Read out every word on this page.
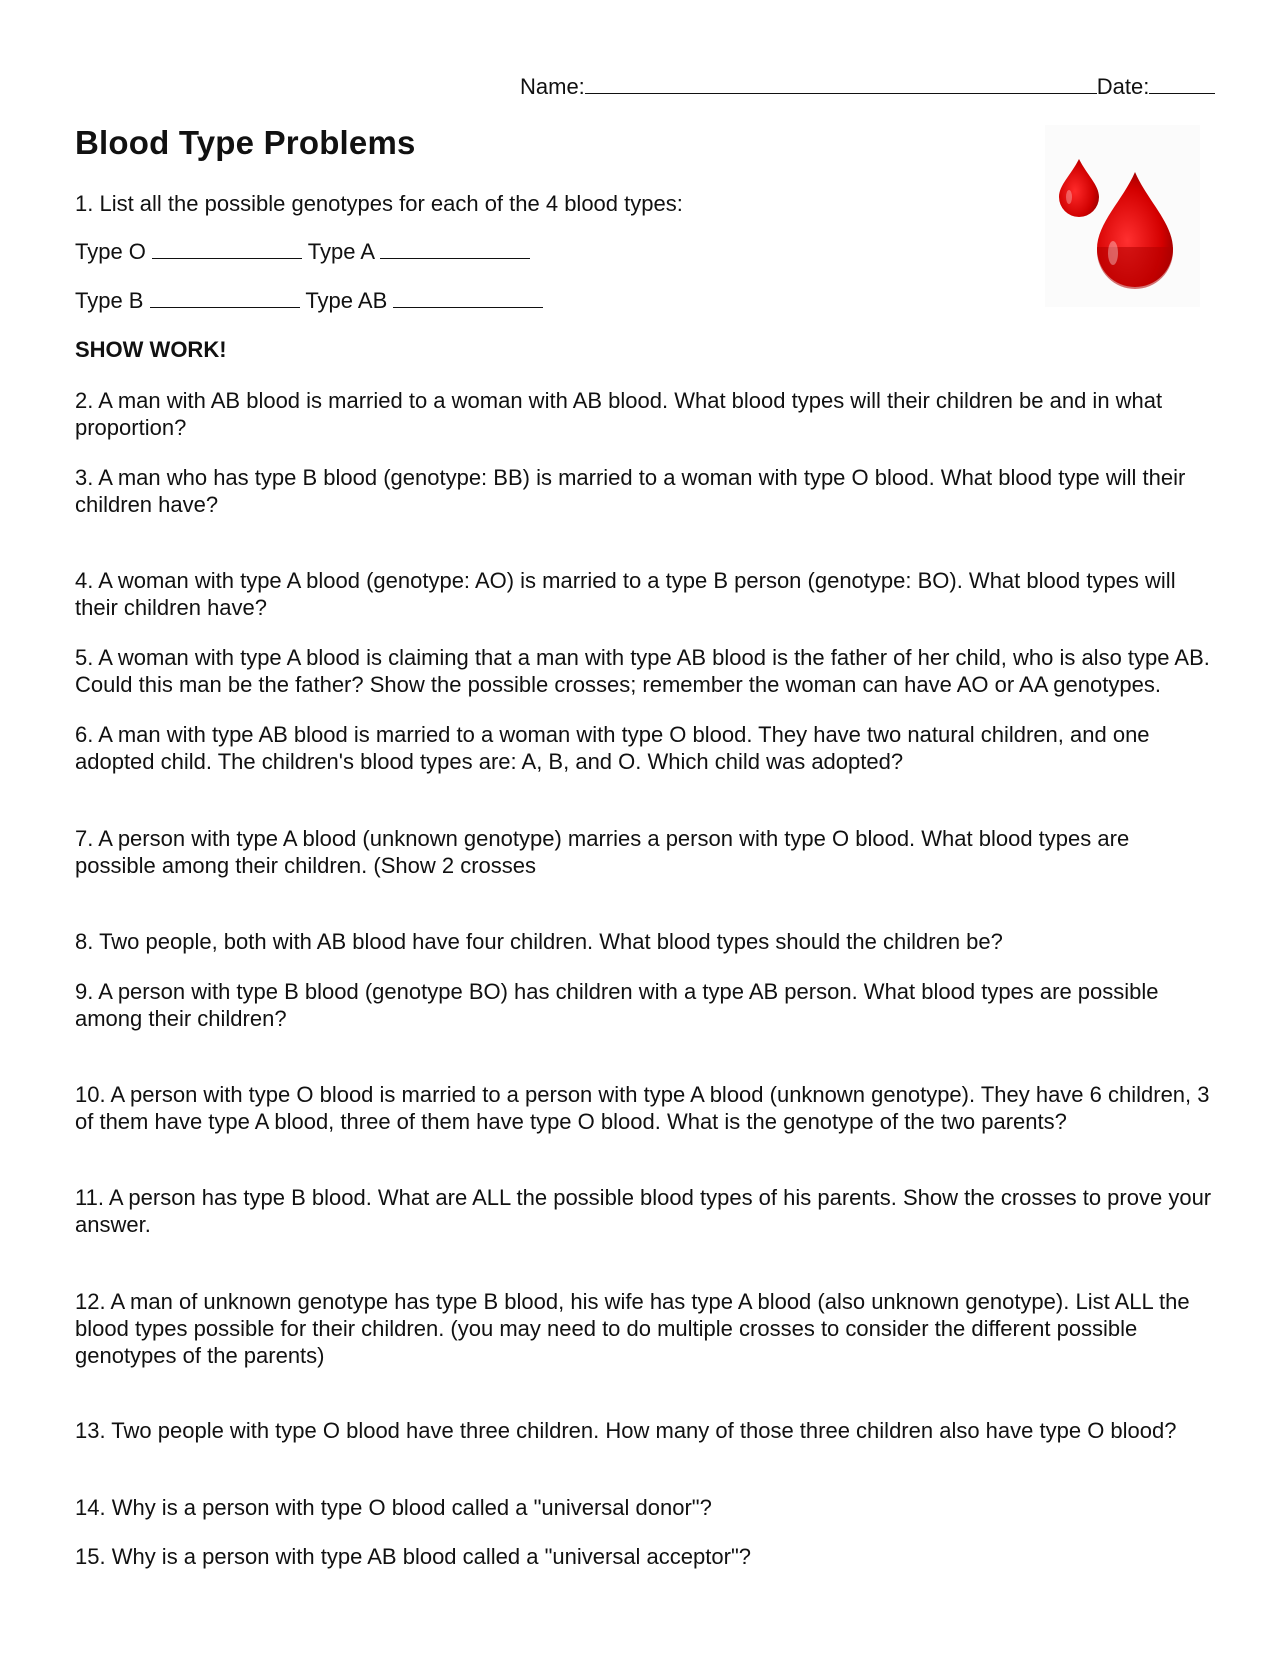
Name:	Date:
Blood Type Problems
1. List all the possible genotypes for each of the 4 blood types:
Type O	Type A
Type B	Type AB
SHOW WORK!
2. A man with AB blood is married to a woman with AB blood. What blood types will their children be and in what proportion?
3. A man who has type B blood (genotype: BB) is married to a woman with type O blood. What blood type will their children have?
4. A woman with type A blood (genotype: AO) is married to a type B person (genotype: BO). What blood types will their children have?
5. A woman with type A blood is claiming that a man with type AB blood is the father of her child, who is also type AB. Could this man be the father? Show the possible crosses; remember the woman can have AO or AA genotypes.
6. A man with type AB blood is married to a woman with type O blood. They have two natural children, and one adopted child. The children's blood types are: A, B, and O. Which child was adopted?
7. A person with type A blood (unknown genotype) marries a person with type O blood. What blood types are possible among their children. (Show 2 crosses
8. Two people, both with AB blood have four children. What blood types should the children be?
9. A person with type B blood (genotype BO) has children with a type AB person. What blood types are possible among their children?
10. A person with type O blood is married to a person with type A blood (unknown genotype). They have 6 children, 3 of them have type A blood, three of them have type O blood. What is the genotype of the two parents?
11. A person has type B blood. What are ALL the possible blood types of his parents. Show the crosses to prove your answer.
12. A man of unknown genotype has type B blood, his wife has type A blood (also unknown genotype). List ALL the blood types possible for their children. (you may need to do multiple crosses to consider the different possible genotypes of the parents)
13. Two people with type O blood have three children. How many of those three children also have type O blood?
14. Why is a person with type O blood called a "universal donor"?
15. Why is a person with type AB blood called a "universal acceptor"?
